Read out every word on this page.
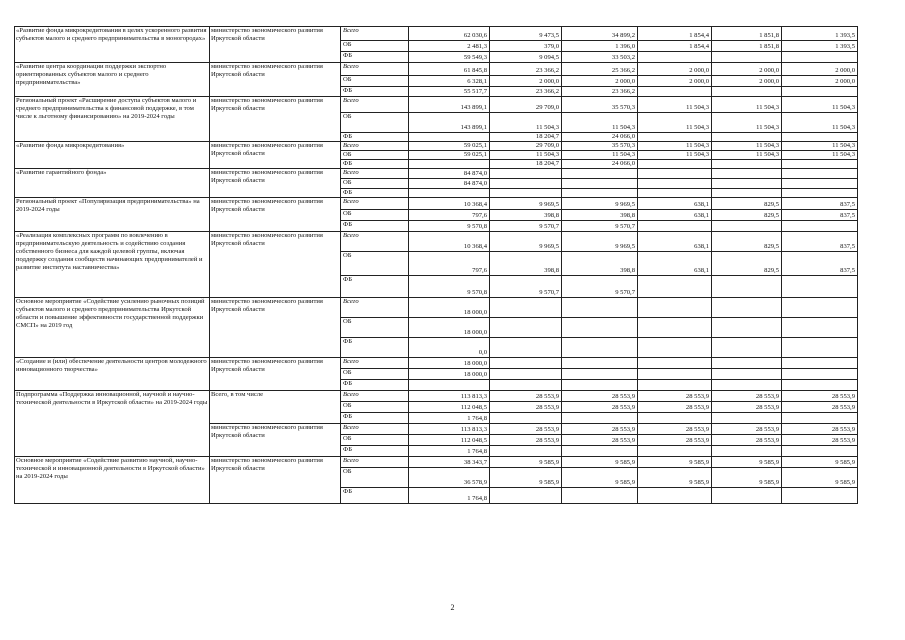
«Развитие фонда микрокредитования в целях ускоренного развития субъектов малого и среднего предпринимательства в моногородах»	министерство экономического развития Иркутской области	Всего	62 030,6	9 473,5	34 899,2	1 854,4	1 851,8	1 393,5
		ОБ	2 481,3	379,0	1 396,0	1 854,4	1 851,8	1 393,5
		ФБ	59 549,3	9 094,5	33 503,2			
«Развитие центра координации поддержки экспортно ориентированных субъектов малого и среднего предпринимательства»	министерство экономического развития Иркутской области	Всего	61 845,8	23 366,2	25 366,2	2 000,0	2 000,0	2 000,0
		ОБ	6 328,1	2 000,0	2 000,0	2 000,0	2 000,0	2 000,0
		ФБ	55 517,7	23 366,2	23 366,2			
Региональный проект «Расширение доступа субъектов малого и среднего предпринимательства к финансовой поддержке, в том числе к льготному финансированию» на 2019-2024 годы	министерство экономического развития Иркутской области	Всего	143 899,1	29 709,0	35 570,3	11 504,3	11 504,3	11 504,3
		ОБ	143 899,1	11 504,3	11 504,3	11 504,3	11 504,3	11 504,3
		ФБ		18 204,7	24 066,0			
«Развитие фонда микрокредитования»	министерство экономического развития Иркутской области	Всего	59 025,1	29 709,0	35 570,3	11 504,3	11 504,3	11 504,3
		ОБ	59 025,1	11 504,3	11 504,3	11 504,3	11 504,3	11 504,3
		ФБ		18 204,7	24 066,0			
«Развитие гарантийного фонда»	министерство экономического развития Иркутской области	Всего	84 874,0					
		ОБ	84 874,0					
		ФБ						
Региональный проект «Популяризация предпринимательства» на 2019-2024 годы	министерство экономического развития Иркутской области	Всего	10 368,4	9 969,5	9 969,5	638,1	829,5	837,5
		ОБ	797,6	398,8	398,8	638,1	829,5	837,5
		ФБ	9 570,8	9 570,7	9 570,7			
«Реализация комплексных программ по вовлечению в предпринимательскую деятельность и содействию создания собственного бизнеса для каждой целевой группы, включая поддержку создания сообществ начинающих предпринимателей и развитие института наставничества»	министерство экономического развития Иркутской области	Всего	10 368,4	9 969,5	9 969,5	638,1	829,5	837,5
		ОБ	797,6	398,8	398,8	638,1	829,5	837,5
		ФБ	9 570,8	9 570,7	9 570,7			
Основное мероприятие «Содействие усилению рыночных позиций субъектов малого и среднего предпринимательства Иркутской области и повышение эффективности государственной поддержки СМСП» на 2019 год	министерство экономического развития Иркутской области	Всего	18 000,0					
		ОБ	18 000,0					
		ФБ	0,0					
«Создание и (или) обеспечение деятельности центров молодежного инновационного творчества»	министерство экономического развития Иркутской области	Всего	18 000,0					
		ОБ	18 000,0					
		ФБ						
Подпрограмма «Поддержка инновационной, научной и научно-технической деятельности в Иркутской области» на 2019-2024 годы	Всего, в том числе	Всего	113 813,3	28 553,9	28 553,9	28 553,9	28 553,9	28 553,9
		ОБ	112 048,5	28 553,9	28 553,9	28 553,9	28 553,9	28 553,9
		ФБ	1 764,8					
	министерство экономического развития Иркутской области	Всего	113 813,3	28 553,9	28 553,9	28 553,9	28 553,9	28 553,9
		ОБ	112 048,5	28 553,9	28 553,9	28 553,9	28 553,9	28 553,9
		ФБ	1 764,8					
Основное мероприятие «Содействие развитию научной, научно-технической и инновационной деятельности в Иркутской области» на 2019-2024 годы	министерство экономического развития Иркутской области	Всего	38 343,7	9 585,9	9 585,9	9 585,9	9 585,9	9 585,9
		ОБ	36 578,9	9 585,9	9 585,9	9 585,9	9 585,9	9 585,9
		ФБ	1 764,8					
2
